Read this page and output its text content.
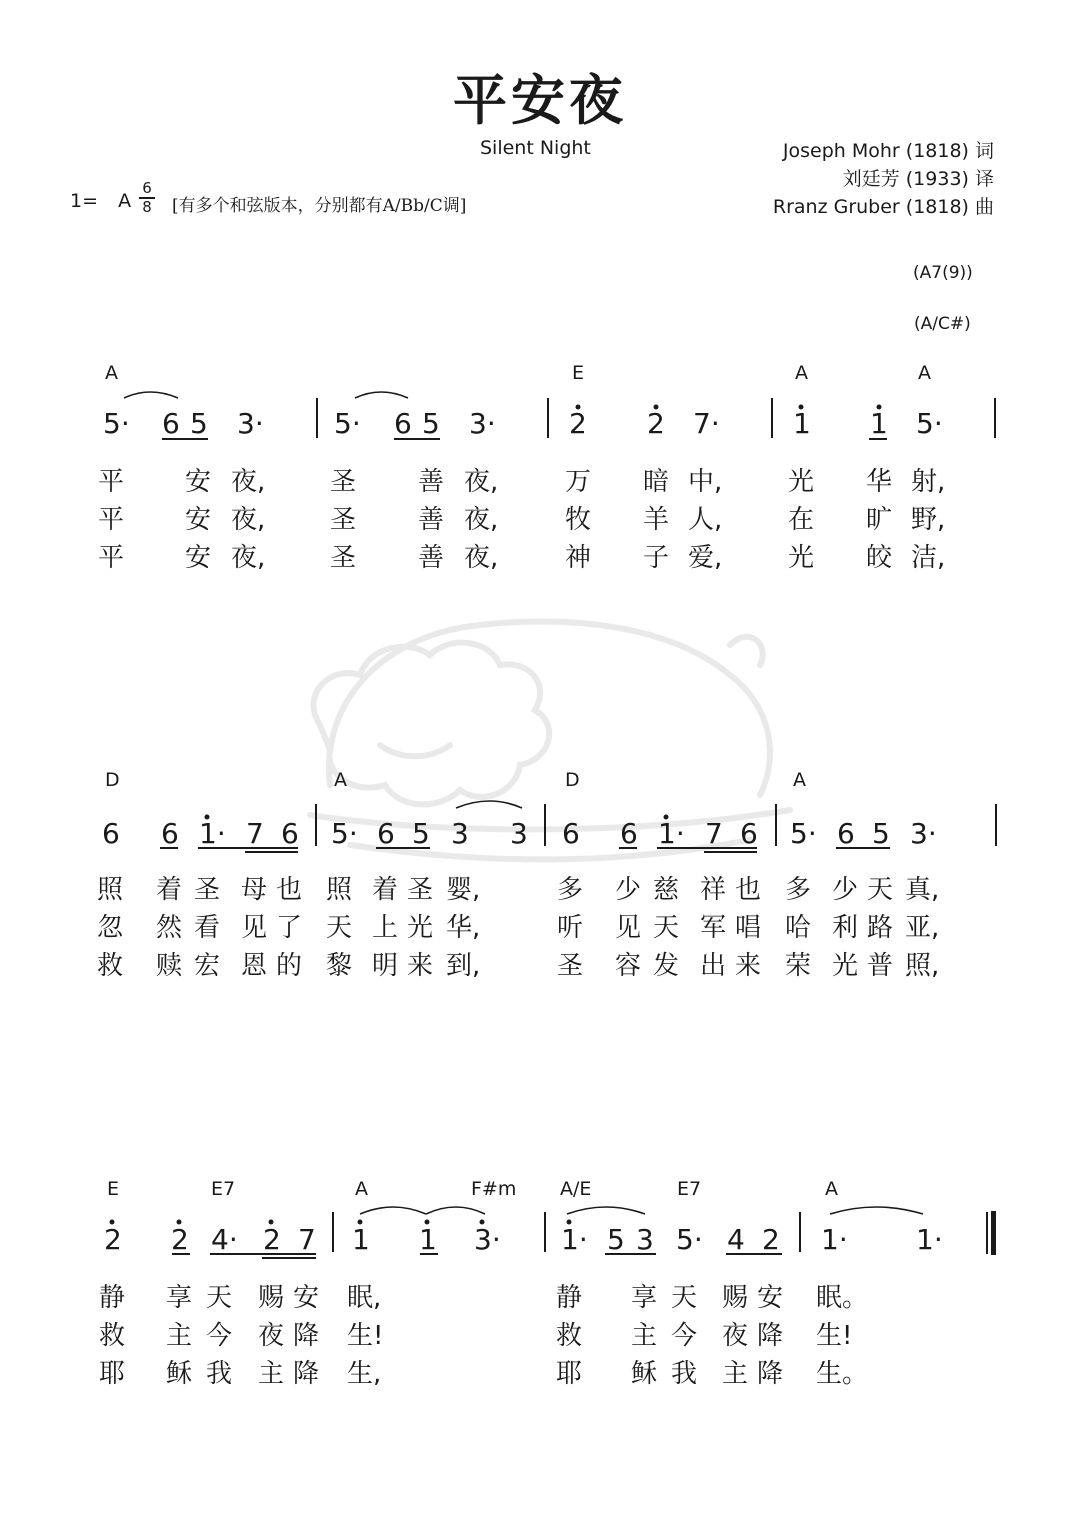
平安夜
Silent Night	Joseph Mohr (1818) 词
刘廷芳 (1933) 译
Rranz Gruber (1818) 曲
1= A
6
8 [有多个和弦版本，分别都有A/Bb/C调]
(A7(9))
(A/C#)
A	E	A	A
5· 6 5 3·	5· 6 5 3·	2 2 7·	1 1 5·
平 安 夜, 圣 善 夜,	万 暗 中,	光 华 射,
平 安 夜, 圣 善 夜,	牧 羊 人,	在 旷 野,
平 安 夜, 圣 善 夜,	神 子 爱,	光 皎 洁,
D	A	D	A
6 6 1· 7 6 5· 6 5 3 3 6 6 1· 7 6 5· 6 5 3·
照 着 圣 母 也 照 着 圣 婴,	多 少 慈 祥 也 多 少 天 真,
忽 然 看 见 了 天 上 光 华,	听 见 天 军 唱 哈 利 路 亚,
救 赎 宏 恩 的 黎 明 来 到,	圣 容 发 出 来 荣 光 普 照,
E	E7	A	F#m A/E	E7	A
2 2 4· 2 7 1 1 3· 1· 5 3 5· 4 2 1· 1·
静 享 天 赐 安 眠,	静 享 天 赐 安 眠。
救 主 今 夜 降 生!	救 主 今 夜 降 生!
耶 稣 我 主 降 生,	耶 稣 我 主 降 生。
